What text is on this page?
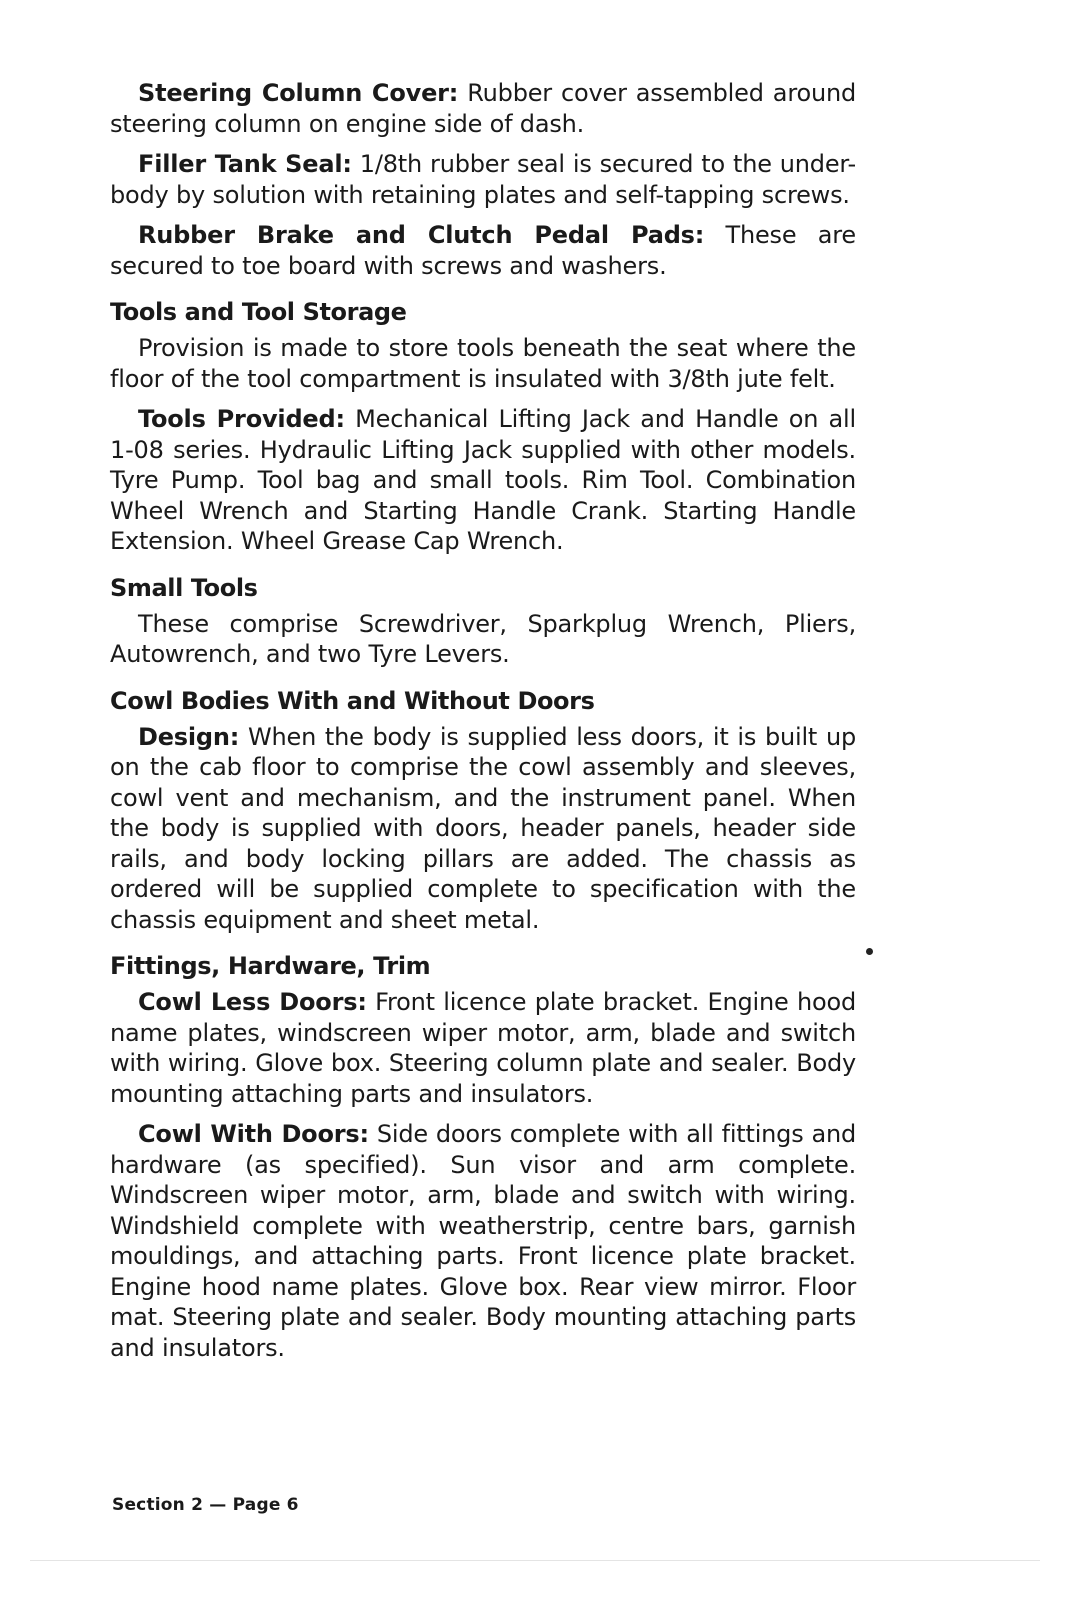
Steering Column Cover: Rubber cover assembled around steering column on engine side of dash.

Filler Tank Seal: 1/8th rubber seal is secured to the under-body by solution with retaining plates and self-tapping screws.

Rubber Brake and Clutch Pedal Pads: These are secured to toe board with screws and washers.

Tools and Tool Storage

Provision is made to store tools beneath the seat where the floor of the tool compartment is insulated with 3/8th jute felt.

Tools Provided: Mechanical Lifting Jack and Handle on all 1-08 series. Hydraulic Lifting Jack supplied with other models. Tyre Pump. Tool bag and small tools. Rim Tool. Combination Wheel Wrench and Starting Handle Crank. Starting Handle Extension. Wheel Grease Cap Wrench.

Small Tools

These comprise Screwdriver, Sparkplug Wrench, Pliers, Autowrench, and two Tyre Levers.

Cowl Bodies With and Without Doors

Design: When the body is supplied less doors, it is built up on the cab floor to comprise the cowl assembly and sleeves, cowl vent and mechanism, and the instrument panel. When the body is supplied with doors, header panels, header side rails, and body locking pillars are added. The chassis as ordered will be supplied complete to specification with the chassis equipment and sheet metal.

Fittings, Hardware, Trim

Cowl Less Doors: Front licence plate bracket. Engine hood name plates, windscreen wiper motor, arm, blade and switch with wiring. Glove box. Steering column plate and sealer. Body mounting attaching parts and insulators.

Cowl With Doors: Side doors complete with all fittings and hardware (as specified). Sun visor and arm complete. Windscreen wiper motor, arm, blade and switch with wiring. Windshield complete with weatherstrip, centre bars, garnish mouldings, and attaching parts. Front licence plate bracket. Engine hood name plates. Glove box. Rear view mirror. Floor mat. Steering plate and sealer. Body mounting attaching parts and insulators.

Section 2 — Page 6
